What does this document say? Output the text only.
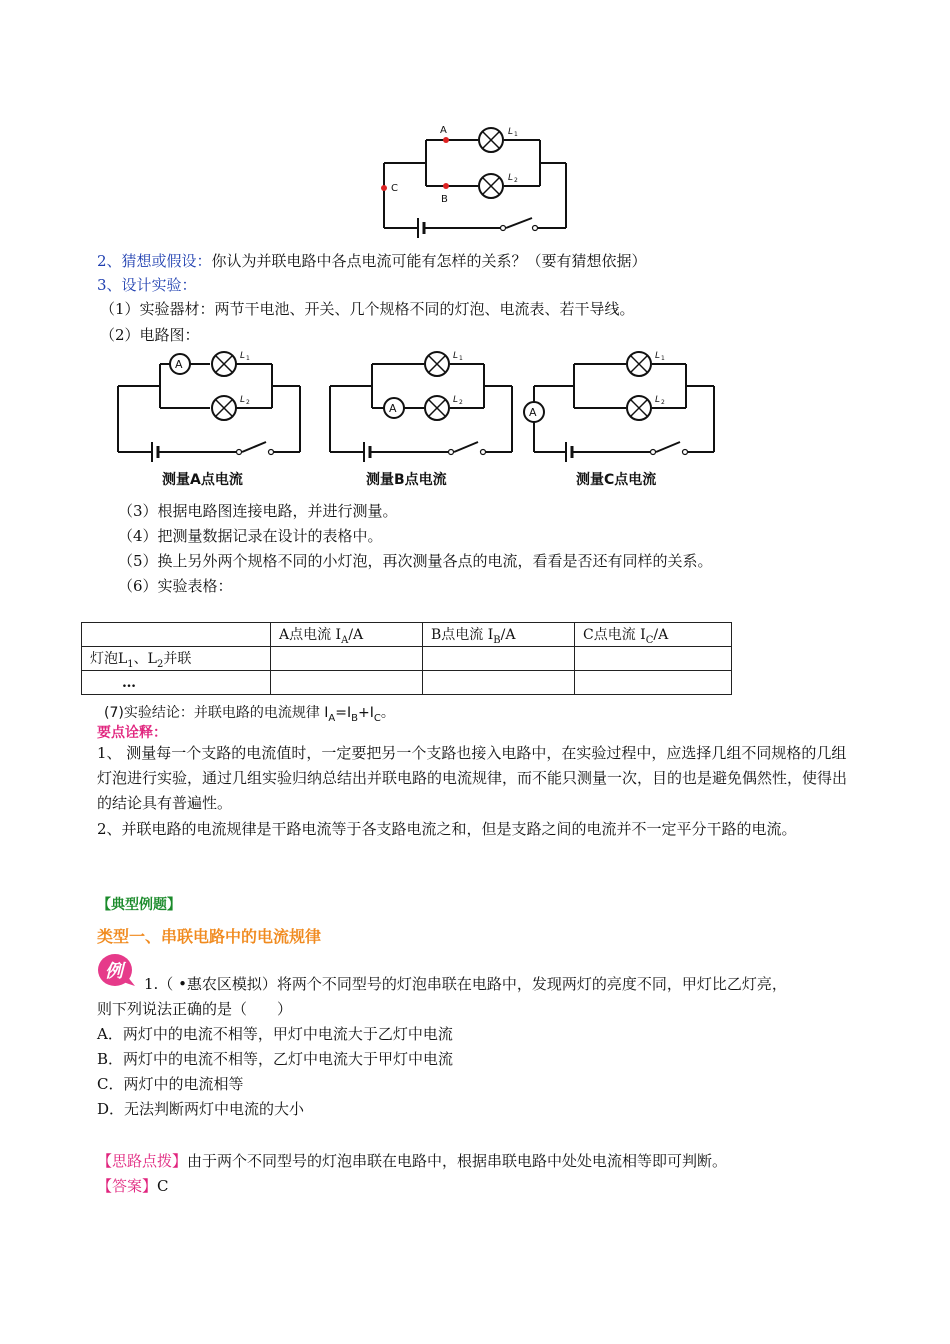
A
B
C
L 1
L 2
2、猜想或假设：你认为并联电路中各点电流可能有怎样的关系？（要有猜想依据）
3、设计实验：
（1）实验器材：两节干电池、开关、几个规格不同的灯泡、电流表、若干导线。
（2）电路图：
A
L 1
L 2
测量A点电流
A
L 1
L 2
测量B点电流
A
L 1
L 2
测量C点电流
（3）根据电路图连接电路，并进行测量。
（4）把测量数据记录在设计的表格中。
（5）换上另外两个规格不同的小灯泡，再次测量各点的电流，看看是否还有同样的关系。
（6）实验表格：
	A点电流 $I_A/A$	B点电流 $I_B/A$	C点电流 $I_C/A$
灯泡$L_1$、$L_2$并联			
…			
(7)实验结论：并联电路的电流规律 $I_A=I_B+I_C$。
要点诠释：
1、 测量每一个支路的电流值时，一定要把另一个支路也接入电路中，在实验过程中，应选择几组不同规格的几组灯泡进行实验，通过几组实验归纳总结出并联电路的电流规律，而不能只测量一次，目的也是避免偶然性，使得出的结论具有普遍性。
2、并联电路的电流规律是干路电流等于各支路电流之和，但是支路之间的电流并不一定平分干路的电流。
【典型例题】
类型一、串联电路中的电流规律
例
1.（ •惠农区模拟）将两个不同型号的灯泡串联在电路中，发现两灯的亮度不同，甲灯比乙灯亮，
则下列说法正确的是（　　）
A．两灯中的电流不相等，甲灯中电流大于乙灯中电流
B．两灯中的电流不相等，乙灯中电流大于甲灯中电流
C．两灯中的电流相等
D．无法判断两灯中电流的大小
【思路点拨】由于两个不同型号的灯泡串联在电路中，根据串联电路中处处电流相等即可判断。
【答案】C
